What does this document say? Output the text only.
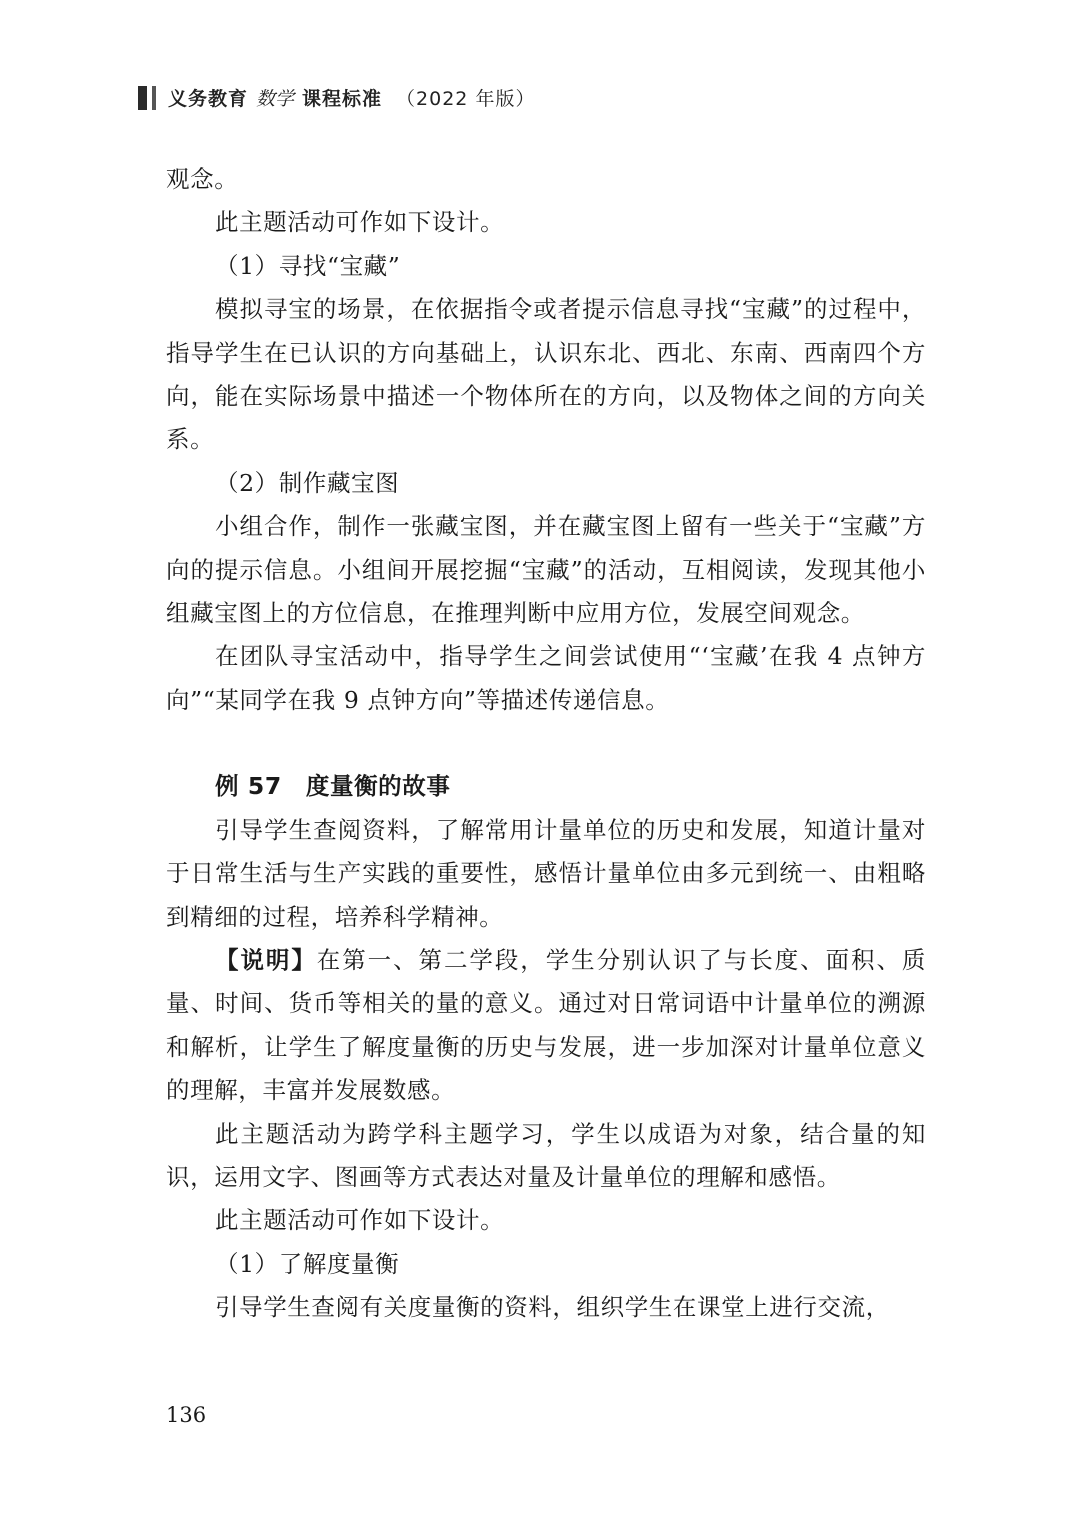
义务教育 数学 课程标准 （2022 年版）

观念。

此主题活动可作如下设计。

（1）寻找“宝藏”

模拟寻宝的场景，在依据指令或者提示信息寻找“宝藏”的过程中，指导学生在已认识的方向基础上，认识东北、西北、东南、西南四个方向，能在实际场景中描述一个物体所在的方向，以及物体之间的方向关系。

（2）制作藏宝图

小组合作，制作一张藏宝图，并在藏宝图上留有一些关于“宝藏”方向的提示信息。小组间开展挖掘“宝藏”的活动，互相阅读，发现其他小组藏宝图上的方位信息，在推理判断中应用方位，发展空间观念。

在团队寻宝活动中，指导学生之间尝试使用“‘宝藏’在我 4 点钟方向”“某同学在我 9 点钟方向”等描述传递信息。

例 57　度量衡的故事

引导学生查阅资料，了解常用计量单位的历史和发展，知道计量对于日常生活与生产实践的重要性，感悟计量单位由多元到统一、由粗略到精细的过程，培养科学精神。

【说明】在第一、第二学段，学生分别认识了与长度、面积、质量、时间、货币等相关的量的意义。通过对日常词语中计量单位的溯源和解析，让学生了解度量衡的历史与发展，进一步加深对计量单位意义的理解，丰富并发展数感。

此主题活动为跨学科主题学习，学生以成语为对象，结合量的知识，运用文字、图画等方式表达对量及计量单位的理解和感悟。

此主题活动可作如下设计。

（1）了解度量衡

引导学生查阅有关度量衡的资料，组织学生在课堂上进行交流，

136
